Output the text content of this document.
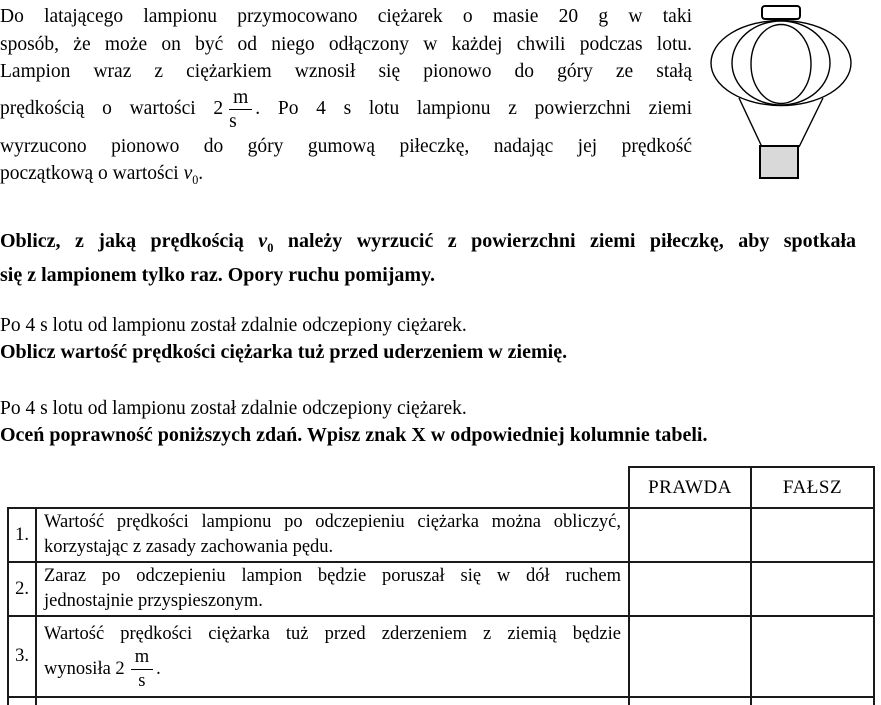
Do latającego lampionu przymocowano ciężarek o masie 20 g w taki
sposób, że może on być od niego odłączony w każdej chwili podczas lotu.
Lampion wraz z ciężarkiem wznosił się pionowo do góry ze stałą
prędkością o wartości $2 \frac{m}{s}$ . Po 4 s lotu lampionu z powierzchni ziemi
wyrzucono pionowo do góry gumową piłeczkę, nadając jej prędkość
początkową o wartości $v_0$.
Oblicz, z jaką prędkością $v_0$ należy wyrzucić z powierzchni ziemi piłeczkę, aby spotkała
się z lampionem tylko raz. Opory ruchu pomijamy.
Po 4 s lotu od lampionu został zdalnie odczepiony ciężarek.
Oblicz wartość prędkości ciężarka tuż przed uderzeniem w ziemię.
Po 4 s lotu od lampionu został zdalnie odczepiony ciężarek.
Oceń poprawność poniższych zdań. Wpisz znak X w odpowiedniej kolumnie tabeli.
		PRAWDA	FAŁSZ
1.	Wartość prędkości lampionu po odczepieniu ciężarka można obliczyć,
korzystając z zasady zachowania pędu.		

2.	Zaraz po odczepieniu lampion będzie poruszał się w dół ruchem
jednostajnie przyspieszonym.		

3.	Wartość prędkości ciężarka tuż przed zderzeniem z ziemią będzie
wynosiła $2 \frac{m}{s}$ .		
